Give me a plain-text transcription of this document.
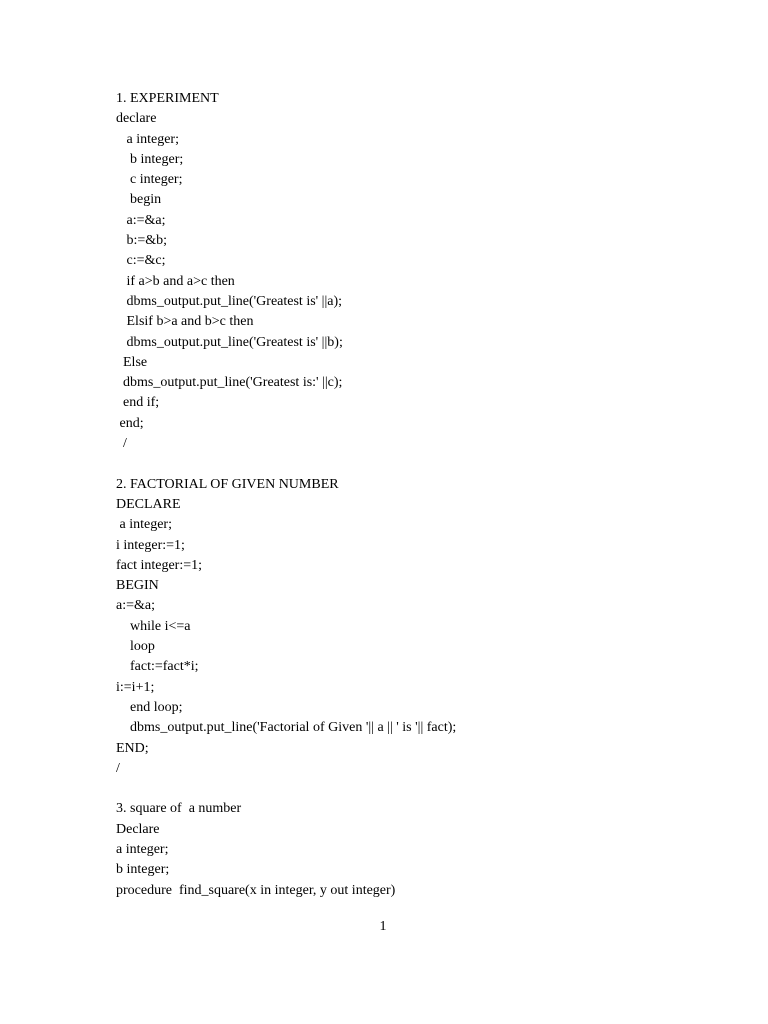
1. EXPERIMENT
declare
a integer;
b integer;
c integer;
begin
a:=&a;
b:=&b;
c:=&c;
if a>b and a>c then
dbms_output.put_line('Greatest is' ||a);
Elsif b>a and b>c then
dbms_output.put_line('Greatest is' ||b);
Else
dbms_output.put_line('Greatest is:' ||c);
end if;
end;
/
2. FACTORIAL OF GIVEN NUMBER
DECLARE
a integer;
i integer:=1;
fact integer:=1;
BEGIN
a:=&a;
while i<=a
loop
fact:=fact*i;
i:=i+1;
end loop;
dbms_output.put_line('Factorial of Given '|| a || ' is '|| fact);
END;
/
3. square of  a number
Declare
a integer;
b integer;
procedure  find_square(x in integer, y out integer)
1
